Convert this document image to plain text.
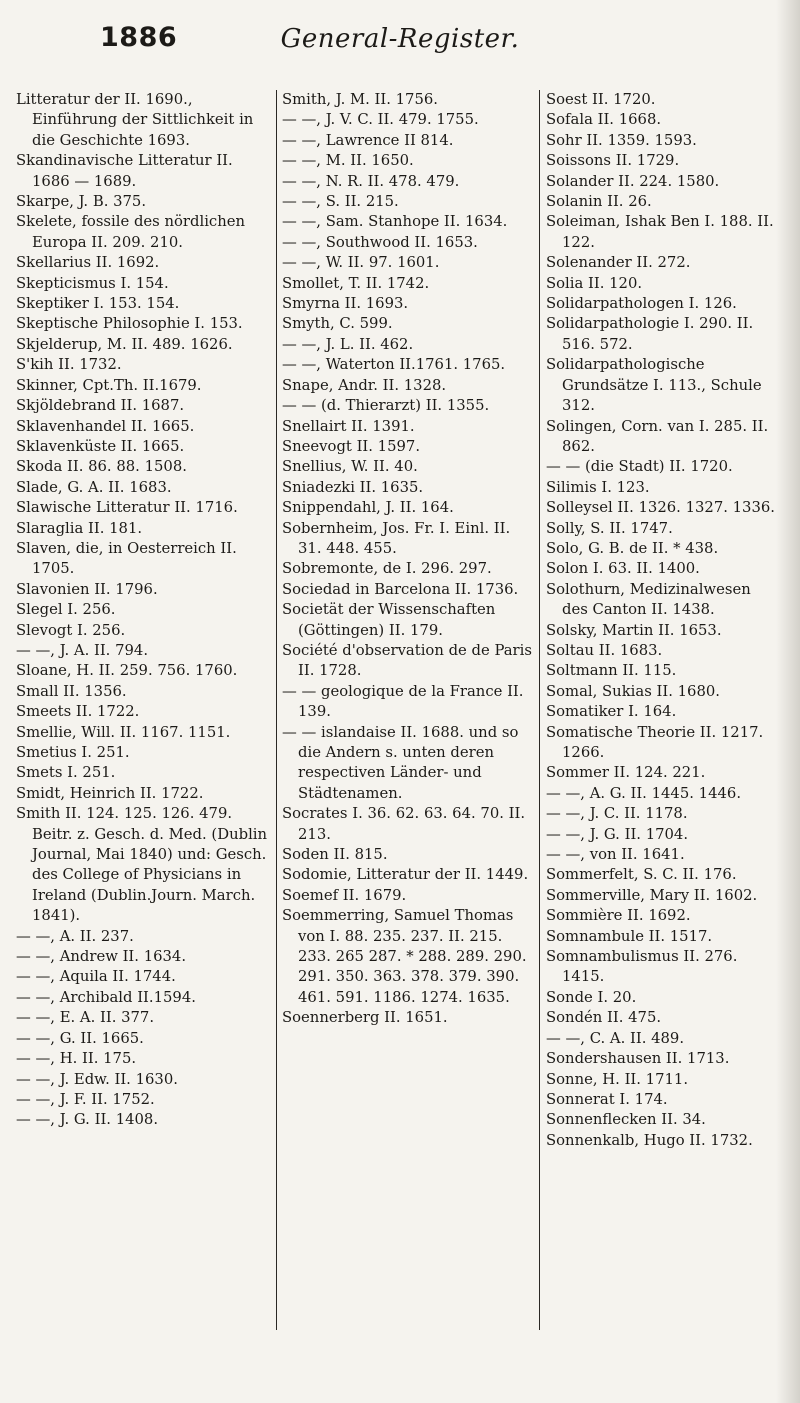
1886	General-Register.

Litteratur der II. 1690., Einführung der Sittlichkeit in die Geschichte 1693.

Skandinavische Litteratur II. 1686 — 1689.

Skarpe, J. B. 375.

Skelete, fossile des nördlichen Europa II. 209. 210.

Skellarius II. 1692.

Skepticismus I. 154.

Skeptiker I. 153. 154.

Skeptische Philosophie I. 153.

Skjelderup, M. II. 489. 1626.

S'kih II. 1732.

Skinner, Cpt.Th. II.1679.

Skjöldebrand II. 1687.

Sklavenhandel II. 1665.

Sklavenküste II. 1665.

Skoda II. 86. 88. 1508.

Slade, G. A. II. 1683.

Slawische Litteratur II. 1716.

Slaraglia II. 181.

Slaven, die, in Oesterreich II. 1705.

Slavonien II. 1796.

Slegel I. 256.

Slevogt I. 256.

— —, J. A. II. 794.

Sloane, H. II. 259. 756. 1760.

Small II. 1356.

Smeets II. 1722.

Smellie, Will. II. 1167. 1151.

Smetius I. 251.

Smets I. 251.

Smidt, Heinrich II. 1722.

Smith II. 124. 125. 126. 479. Beitr. z. Gesch. d. Med. (Dublin Journal, Mai 1840) und: Gesch. des College of Physicians in Ireland (Dublin.Journ. March. 1841).

— —, A. II. 237.

— —, Andrew II. 1634.

— —, Aquila II. 1744.

— —, Archibald II.1594.

— —, E. A. II. 377.

— —, G. II. 1665.

— —, H. II. 175.

— —, J. Edw. II. 1630.

— —, J. F. II. 1752.

— —, J. G. II. 1408.

Smith, J. M. II. 1756.

— —, J. V. C. II. 479. 1755.

— —, Lawrence II 814.

— —, M. II. 1650.

— —, N. R. II. 478. 479.

— —, S. II. 215.

— —, Sam. Stanhope II. 1634.

— —, Southwood II. 1653.

— —, W. II. 97. 1601.

Smollet, T. II. 1742.

Smyrna II. 1693.

Smyth, C. 599.

— —, J. L. II. 462.

— —, Waterton II.1761. 1765.

Snape, Andr. II. 1328.

— — (d. Thierarzt) II. 1355.

Snellairt II. 1391.

Sneevogt II. 1597.

Snellius, W. II. 40.

Sniadezki II. 1635.

Snippendahl, J. II. 164.

Sobernheim, Jos. Fr. I. Einl. II. 31. 448. 455.

Sobremonte, de I. 296. 297.

Sociedad in Barcelona II. 1736.

Societät der Wissenschaften (Göttingen) II. 179.

Société d'observation de de Paris II. 1728.

— — geologique de la France II. 139.

— — islandaise II. 1688. und so die Andern s. unten deren respectiven Länder- und Städtenamen.

Socrates I. 36. 62. 63. 64. 70. II. 213.

Soden II. 815.

Sodomie, Litteratur der II. 1449.

Soemef II. 1679.

Soemmerring, Samuel Thomas von I. 88. 235. 237. II. 215. 233. 265 287. * 288. 289. 290. 291. 350. 363. 378. 379. 390. 461. 591. 1186. 1274. 1635.

Soennerberg II. 1651.

Soest II. 1720.

Sofala II. 1668.

Sohr II. 1359. 1593.

Soissons II. 1729.

Solander II. 224. 1580.

Solanin II. 26.

Soleiman, Ishak Ben I. 188. II. 122.

Solenander II. 272.

Solia II. 120.

Solidarpathologen I. 126.

Solidarpathologie I. 290. II. 516. 572.

Solidarpathologische Grundsätze I. 113., Schule 312.

Solingen, Corn. van I. 285. II. 862.

— — (die Stadt) II. 1720.

Silimis I. 123.

Solleysel II. 1326. 1327. 1336.

Solly, S. II. 1747.

Solo, G. B. de II. * 438.

Solon I. 63. II. 1400.

Solothurn, Medizinalwesen des Canton II. 1438.

Solsky, Martin II. 1653.

Soltau II. 1683.

Soltmann II. 115.

Somal, Sukias II. 1680.

Somatiker I. 164.

Somatische Theorie II. 1217. 1266.

Sommer II. 124. 221.

— —, A. G. II. 1445. 1446.

— —, J. C. II. 1178.

— —, J. G. II. 1704.

— —, von II. 1641.

Sommerfelt, S. C. II. 176.

Sommerville, Mary II. 1602.

Sommière II. 1692.

Somnambule II. 1517.

Somnambulismus II. 276. 1415.

Sonde I. 20.

Sondén II. 475.

— —, C. A. II. 489.

Sondershausen II. 1713.

Sonne, H. II. 1711.

Sonnerat I. 174.

Sonnenflecken II. 34.

Sonnenkalb, Hugo II. 1732.
